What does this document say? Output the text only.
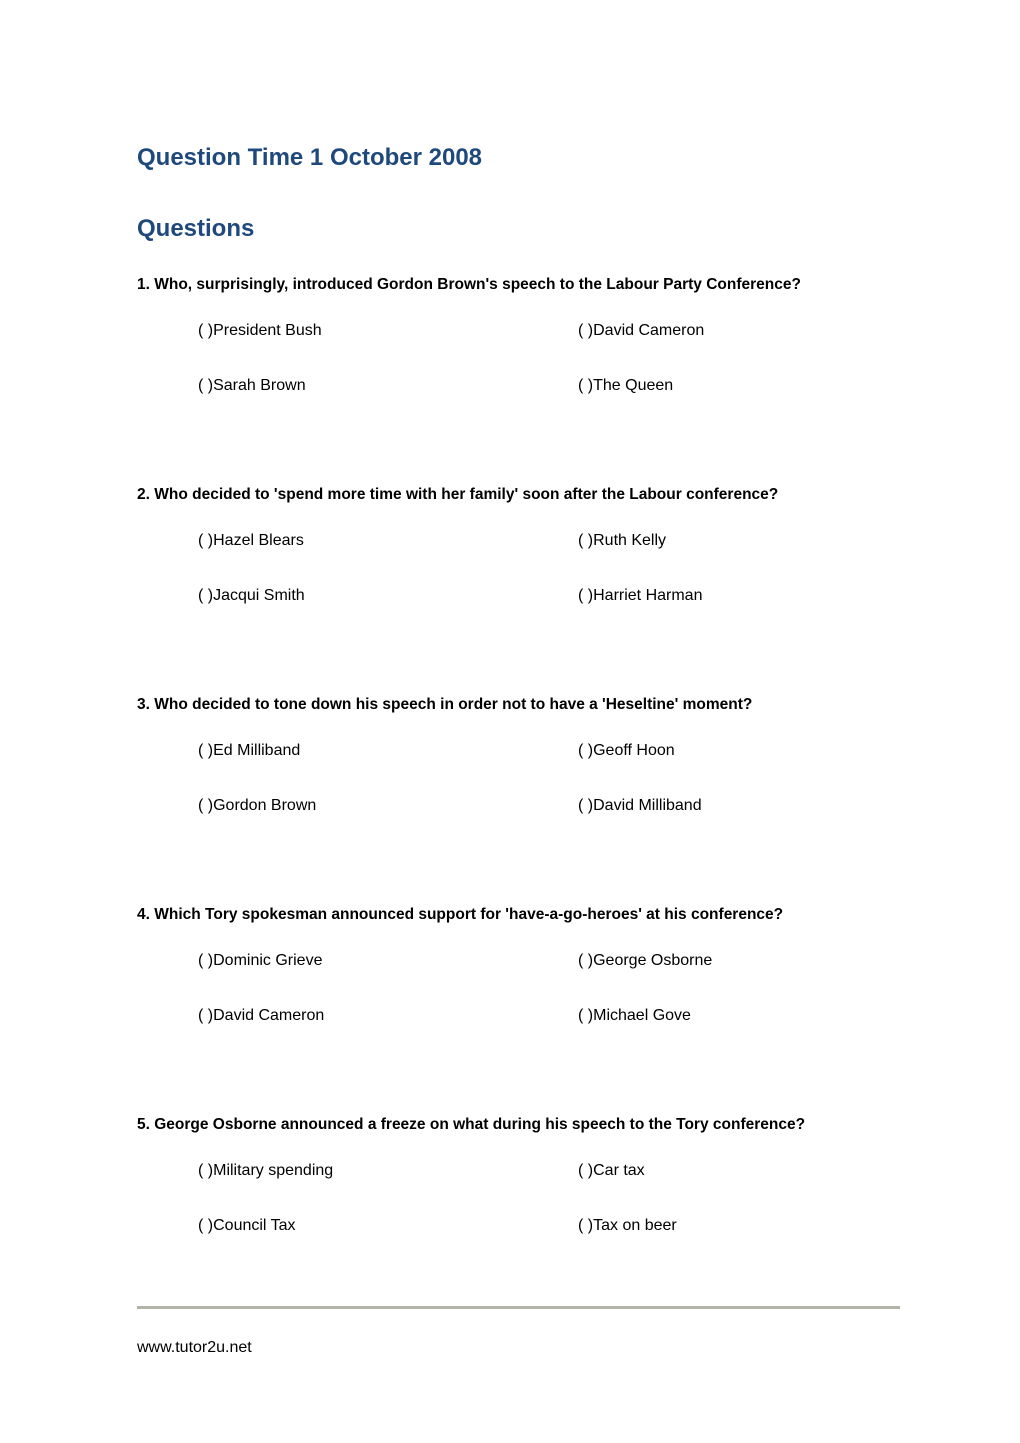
Question Time 1 October 2008
Questions
1. Who, surprisingly, introduced Gordon Brown's speech to the Labour Party Conference?
( )President Bush	( )David Cameron
( )Sarah Brown	( )The Queen
2. Who decided to 'spend more time with her family' soon after the Labour conference?
( )Hazel Blears	( )Ruth Kelly
( )Jacqui Smith	( )Harriet Harman
3. Who decided to tone down his speech in order not to have a 'Heseltine' moment?
( )Ed Milliband	( )Geoff Hoon
( )Gordon Brown	( )David Milliband
4. Which Tory spokesman announced support for 'have-a-go-heroes' at his conference?
( )Dominic Grieve	( )George Osborne
( )David Cameron	( )Michael Gove
5. George Osborne announced a freeze on what during his speech to the Tory conference?
( )Military spending	( )Car tax
( )Council Tax	( )Tax on beer
www.tutor2u.net
